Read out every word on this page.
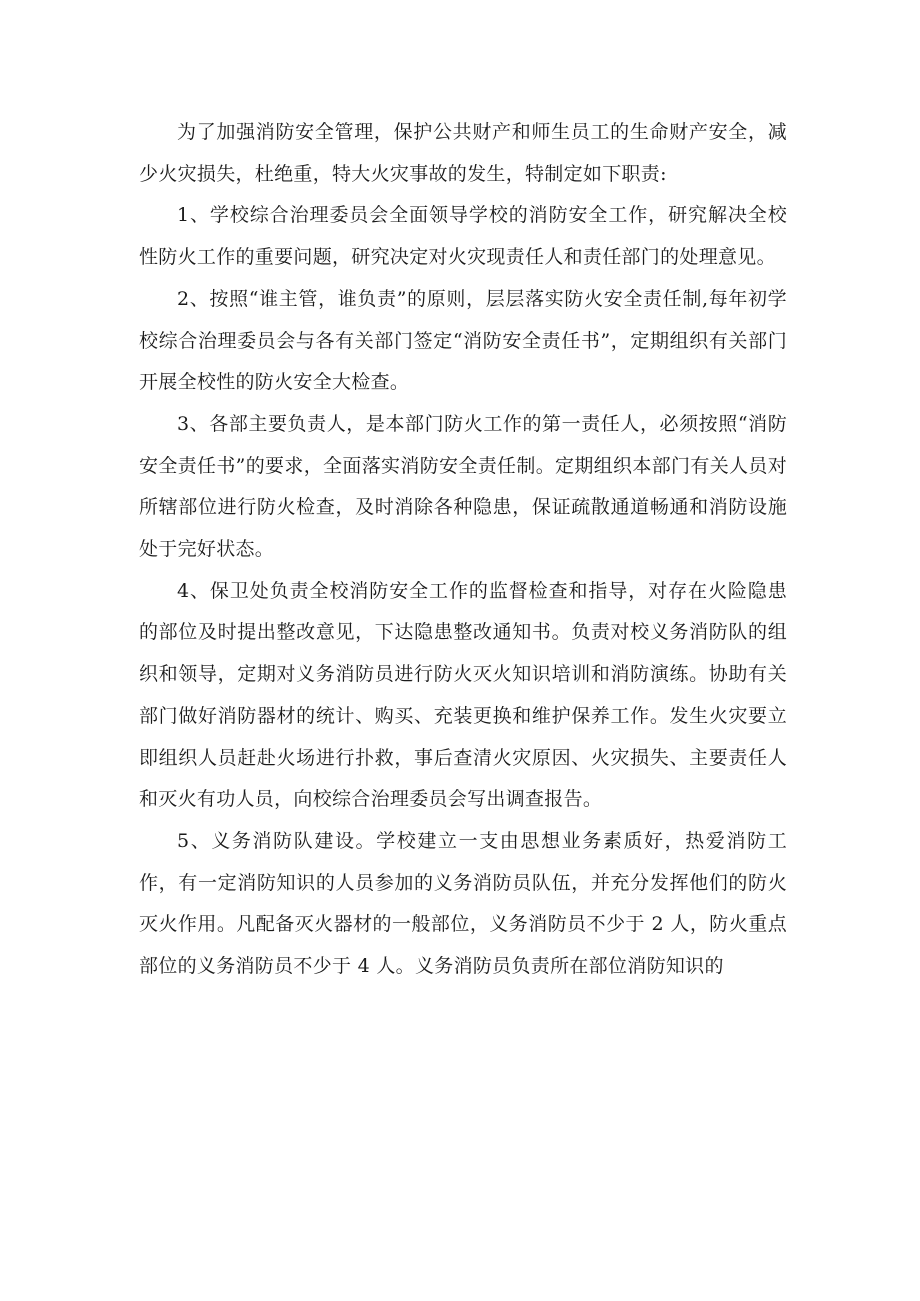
为了加强消防安全管理，保护公共财产和师生员工的生命财产安全，减少火灾损失，杜绝重，特大火灾事故的发生，特制定如下职责:

1、学校综合治理委员会全面领导学校的消防安全工作，研究解决全校性防火工作的重要问题，研究决定对火灾现责任人和责任部门的处理意见。

2、按照“谁主管，谁负责”的原则，层层落实防火安全责任制,每年初学校综合治理委员会与各有关部门签定“消防安全责任书”，定期组织有关部门开展全校性的防火安全大检查。

3、各部主要负责人，是本部门防火工作的第一责任人，必须按照“消防安全责任书”的要求，全面落实消防安全责任制。定期组织本部门有关人员对所辖部位进行防火检查，及时消除各种隐患，保证疏散通道畅通和消防设施处于完好状态。

4、保卫处负责全校消防安全工作的监督检查和指导，对存在火险隐患的部位及时提出整改意见，下达隐患整改通知书。负责对校义务消防队的组织和领导，定期对义务消防员进行防火灭火知识培训和消防演练。协助有关部门做好消防器材的统计、购买、充装更换和维护保养工作。发生火灾要立即组织人员赶赴火场进行扑救，事后查清火灾原因、火灾损失、主要责任人和灭火有功人员，向校综合治理委员会写出调查报告。

5、义务消防队建设。学校建立一支由思想业务素质好，热爱消防工作，有一定消防知识的人员参加的义务消防员队伍，并充分发挥他们的防火灭火作用。凡配备灭火器材的一般部位，义务消防员不少于 2 人，防火重点部位的义务消防员不少于 4 人。义务消防员负责所在部位消防知识的
